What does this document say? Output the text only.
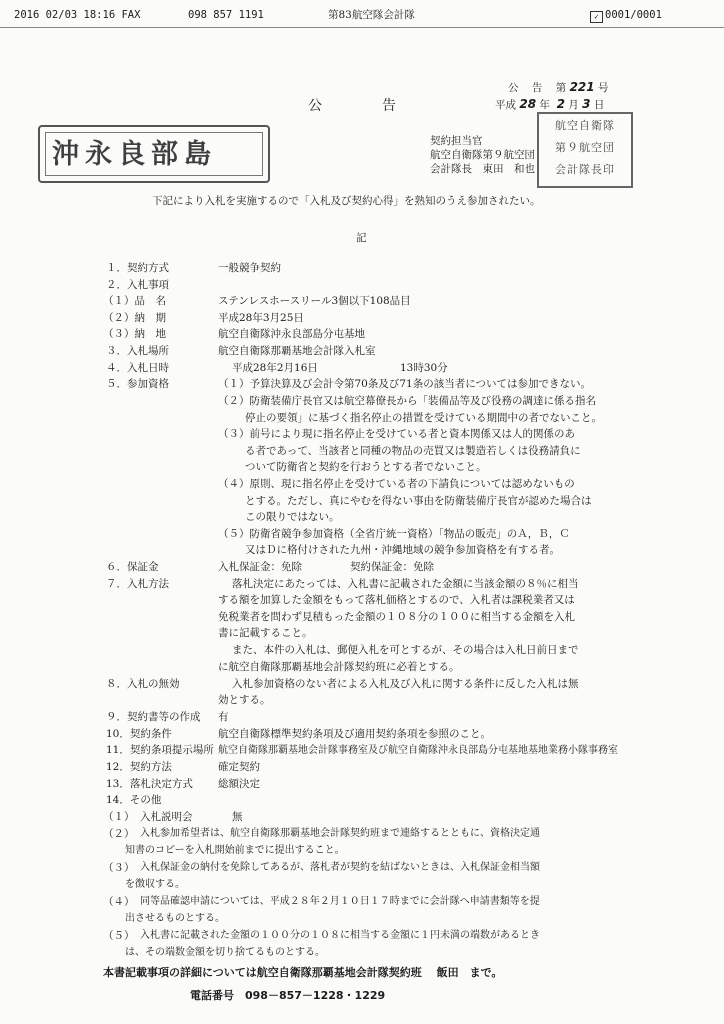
2016 02/03 18:16 FAX	098 857 1191	第83航空隊会計隊	✓ 0001/0001
公 告 第 221 号
平成 28 年 2 月 3 日
公	告
沖永良部島	契約担当官
航空自衛隊第９航空団
会計隊長　東田　和也
航空自衛隊
第９航空団
会計隊長印
下記により入札を実施するので「入札及び契約心得」を熟知のうえ参加されたい。
記
１．契約方式	一般競争契約
２．入札事項
（１）品　名	ステンレスホースリール3個以下108品目
（２）納　期	平成28年3月25日
（３）納　地	航空自衛隊沖永良部島分屯基地
３．入札場所	航空自衛隊那覇基地会計隊入札室
４．入札日時	平成28年2月16日	13時30分
５．参加資格	（１）予算決算及び会計令第70条及び71条の該当者については参加できない。
（２）防衛装備庁長官又は航空幕僚長から「装備品等及び役務の調達に係る指名
停止の要領」に基づく指名停止の措置を受けている期間中の者でないこと。
（３）前号により現に指名停止を受けている者と資本関係又は人的関係のあ
る者であって、当該者と同種の物品の売買又は製造若しくは役務請負に
ついて防衛省と契約を行おうとする者でないこと。
（４）原則、現に指名停止を受けている者の下請負については認めないもの
とする。ただし、真にやむを得ない事由を防衛装備庁長官が認めた場合は
この限りではない。
（５）防衛省競争参加資格（全省庁統一資格）「物品の販売」のＡ，Ｂ，Ｃ
又はＤに格付けされた九州・沖縄地域の競争参加資格を有する者。
６．保証金	入札保証金：免除	契約保証金：免除
７．入札方法	落札決定にあたっては、入札書に記載された金額に当該金額の８％に相当
する額を加算した金額をもって落札価格とするので、入札者は課税業者又は
免税業者を問わず見積もった金額の１０８分の１００に相当する金額を入札
書に記載すること。
また、本件の入札は、郵便入札を可とするが、その場合は入札日前日まで
に航空自衛隊那覇基地会計隊契約班に必着とする。
８．入札の無効	入札参加資格のない者による入札及び入札に関する条件に反した入札は無
効とする。
９．契約書等の作成 有
10．契約条件	航空自衛隊標準契約条項及び適用契約条項を参照のこと。
11．契約条項提示場所 航空自衛隊那覇基地会計隊事務室及び航空自衛隊沖永良部島分屯基地基地業務小隊事務室
12．契約方法	確定契約
13．落札決定方式 総額決定
14．その他
（１） 入札説明会	無
（２） 入札参加希望者は、航空自衛隊那覇基地会計隊契約班まで連絡するとともに、資格決定通
知書のコピーを入札開始前までに提出すること。
（３） 入札保証金の納付を免除してあるが、落札者が契約を結ばないときは、入札保証金相当額
を徴収する。
（４） 同等品確認申請については、平成２８年２月１０日１７時までに会計隊へ申請書類等を提
出させるものとする。
（５） 入札書に記載された金額の１００分の１０８に相当する金額に１円未満の端数があるとき
は、その端数金額を切り捨てるものとする。
本書記載事項の詳細については航空自衛隊那覇基地会計隊契約班　 飯田　まで。
電話番号　098－857－1228・1229
